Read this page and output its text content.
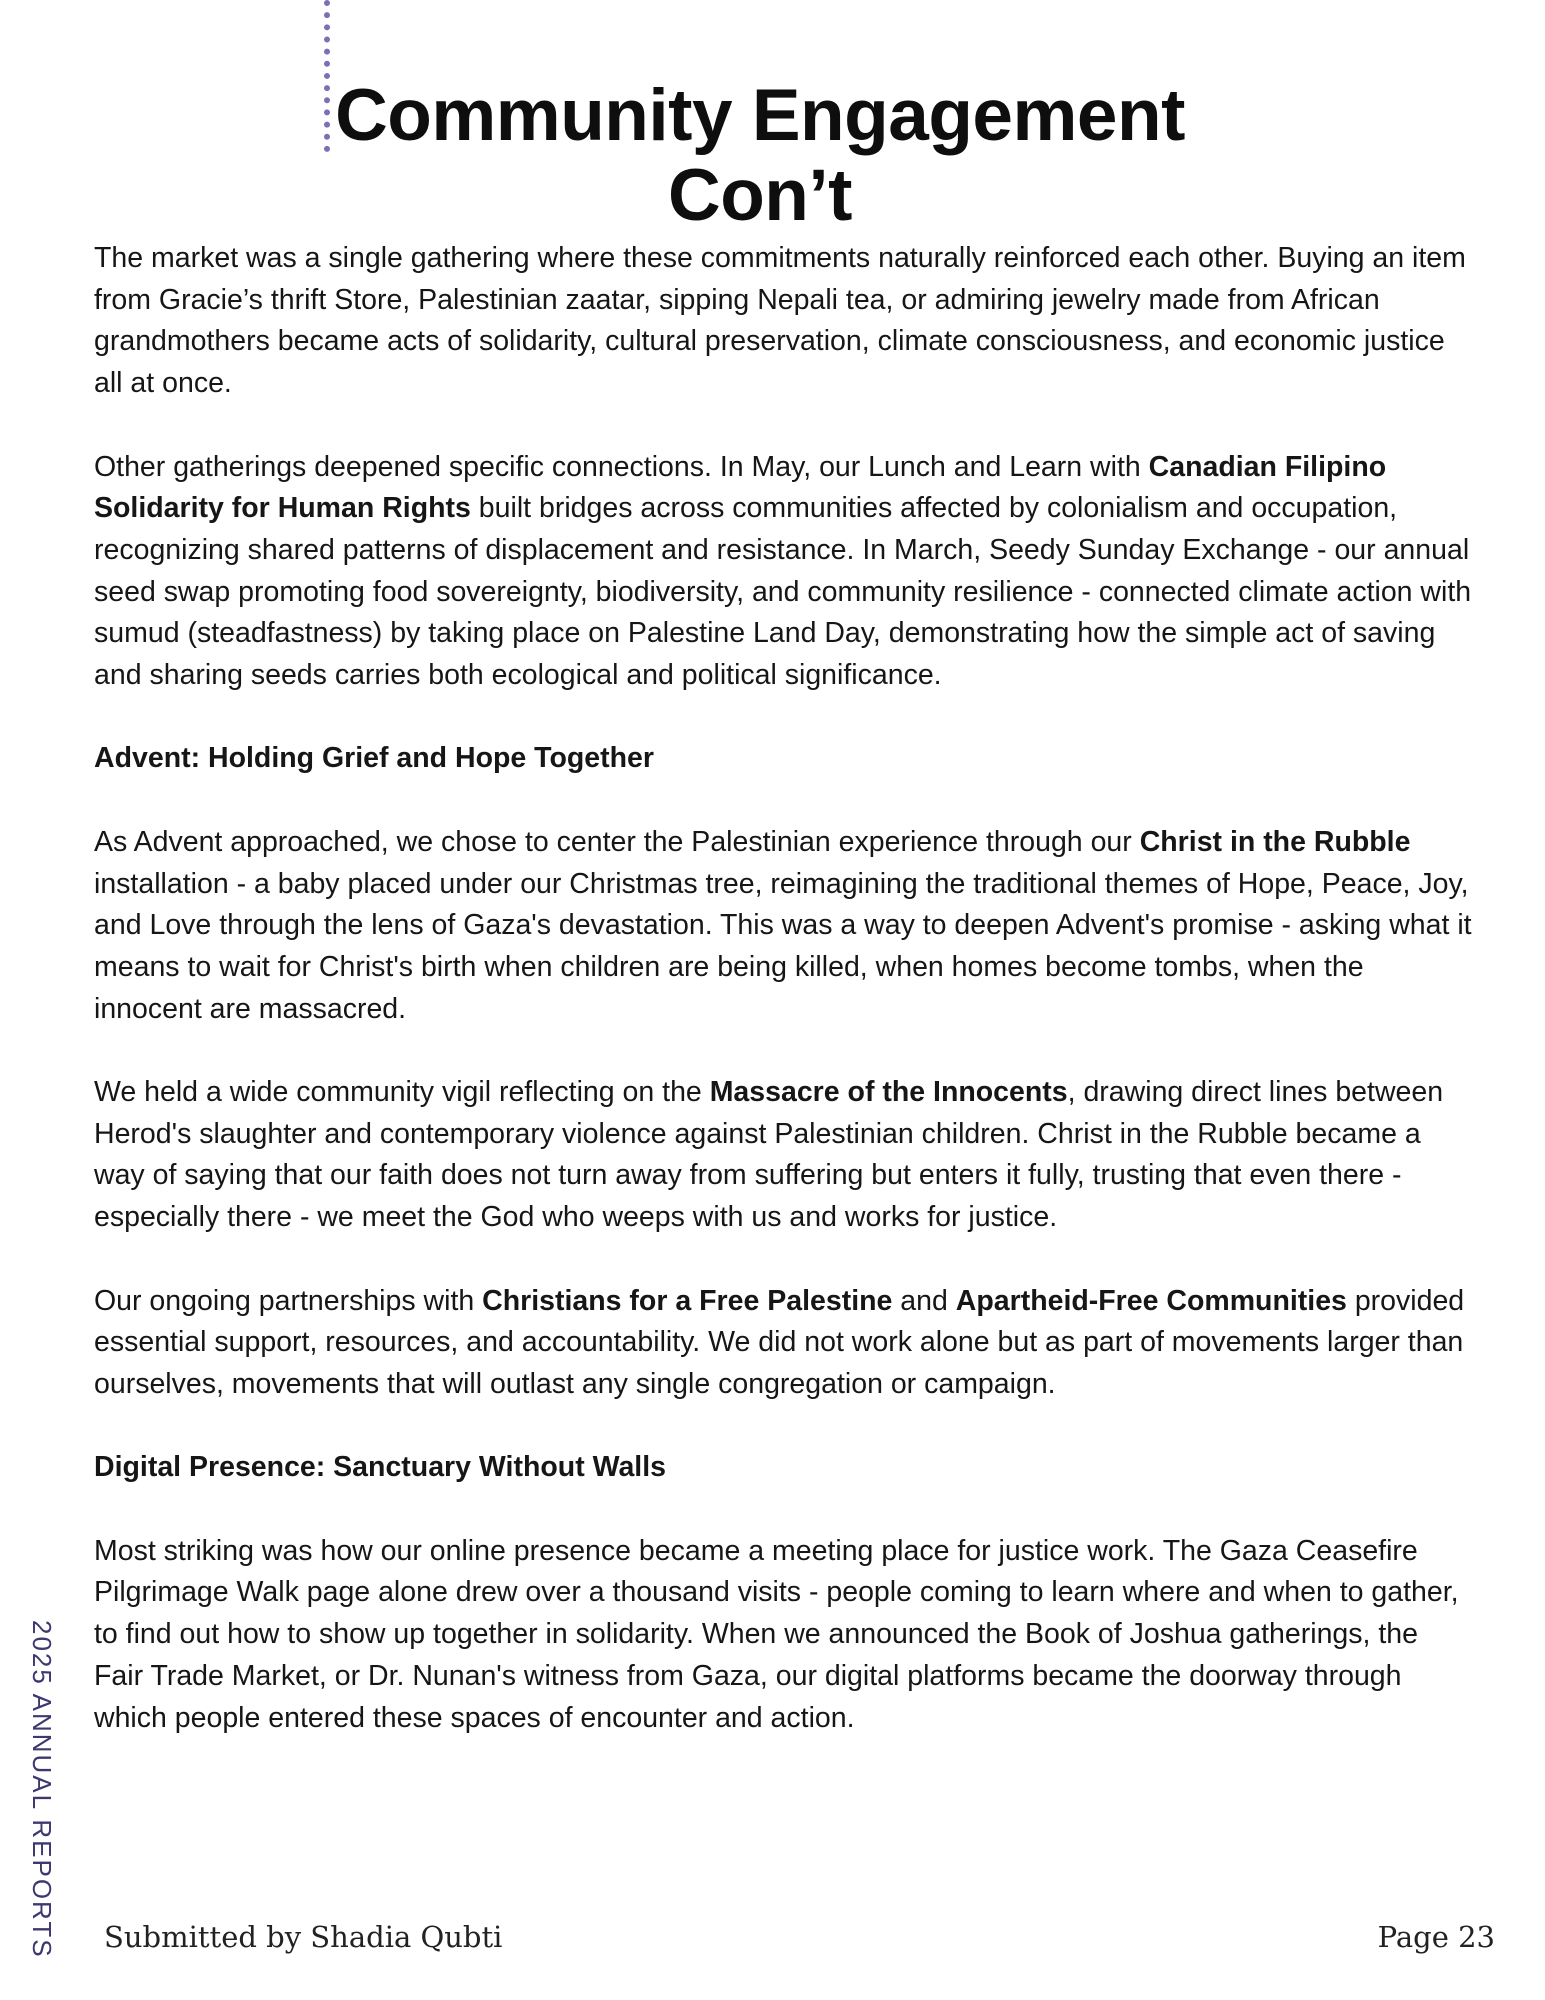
Community Engagement
Con’t

The market was a single gathering where these commitments naturally reinforced each other. Buying an item from Gracie’s thrift Store, Palestinian zaatar, sipping Nepali tea, or admiring jewelry made from African grandmothers became acts of solidarity, cultural preservation, climate consciousness, and economic justice all at once.

Other gatherings deepened specific connections. In May, our Lunch and Learn with Canadian Filipino Solidarity for Human Rights built bridges across communities affected by colonialism and occupation, recognizing shared patterns of displacement and resistance. In March, Seedy Sunday Exchange - our annual seed swap promoting food sovereignty, biodiversity, and community resilience - connected climate action with sumud (steadfastness) by taking place on Palestine Land Day, demonstrating how the simple act of saving and sharing seeds carries both ecological and political significance.

Advent: Holding Grief and Hope Together

As Advent approached, we chose to center the Palestinian experience through our Christ in the Rubble installation - a baby placed under our Christmas tree, reimagining the traditional themes of Hope, Peace, Joy, and Love through the lens of Gaza's devastation. This was a way to deepen Advent's promise - asking what it means to wait for Christ's birth when children are being killed, when homes become tombs, when the innocent are massacred.

We held a wide community vigil reflecting on the Massacre of the Innocents, drawing direct lines between Herod's slaughter and contemporary violence against Palestinian children. Christ in the Rubble became a way of saying that our faith does not turn away from suffering but enters it fully, trusting that even there - especially there - we meet the God who weeps with us and works for justice.

Our ongoing partnerships with Christians for a Free Palestine and Apartheid-Free Communities provided essential support, resources, and accountability. We did not work alone but as part of movements larger than ourselves, movements that will outlast any single congregation or campaign.

Digital Presence: Sanctuary Without Walls

Most striking was how our online presence became a meeting place for justice work. The Gaza Ceasefire Pilgrimage Walk page alone drew over a thousand visits - people coming to learn where and when to gather, to find out how to show up together in solidarity. When we announced the Book of Joshua gatherings, the Fair Trade Market, or Dr. Nunan's witness from Gaza, our digital platforms became the doorway through which people entered these spaces of encounter and action.

2025 ANNUAL REPORTS Submitted by Shadia Qubti	Page 23
